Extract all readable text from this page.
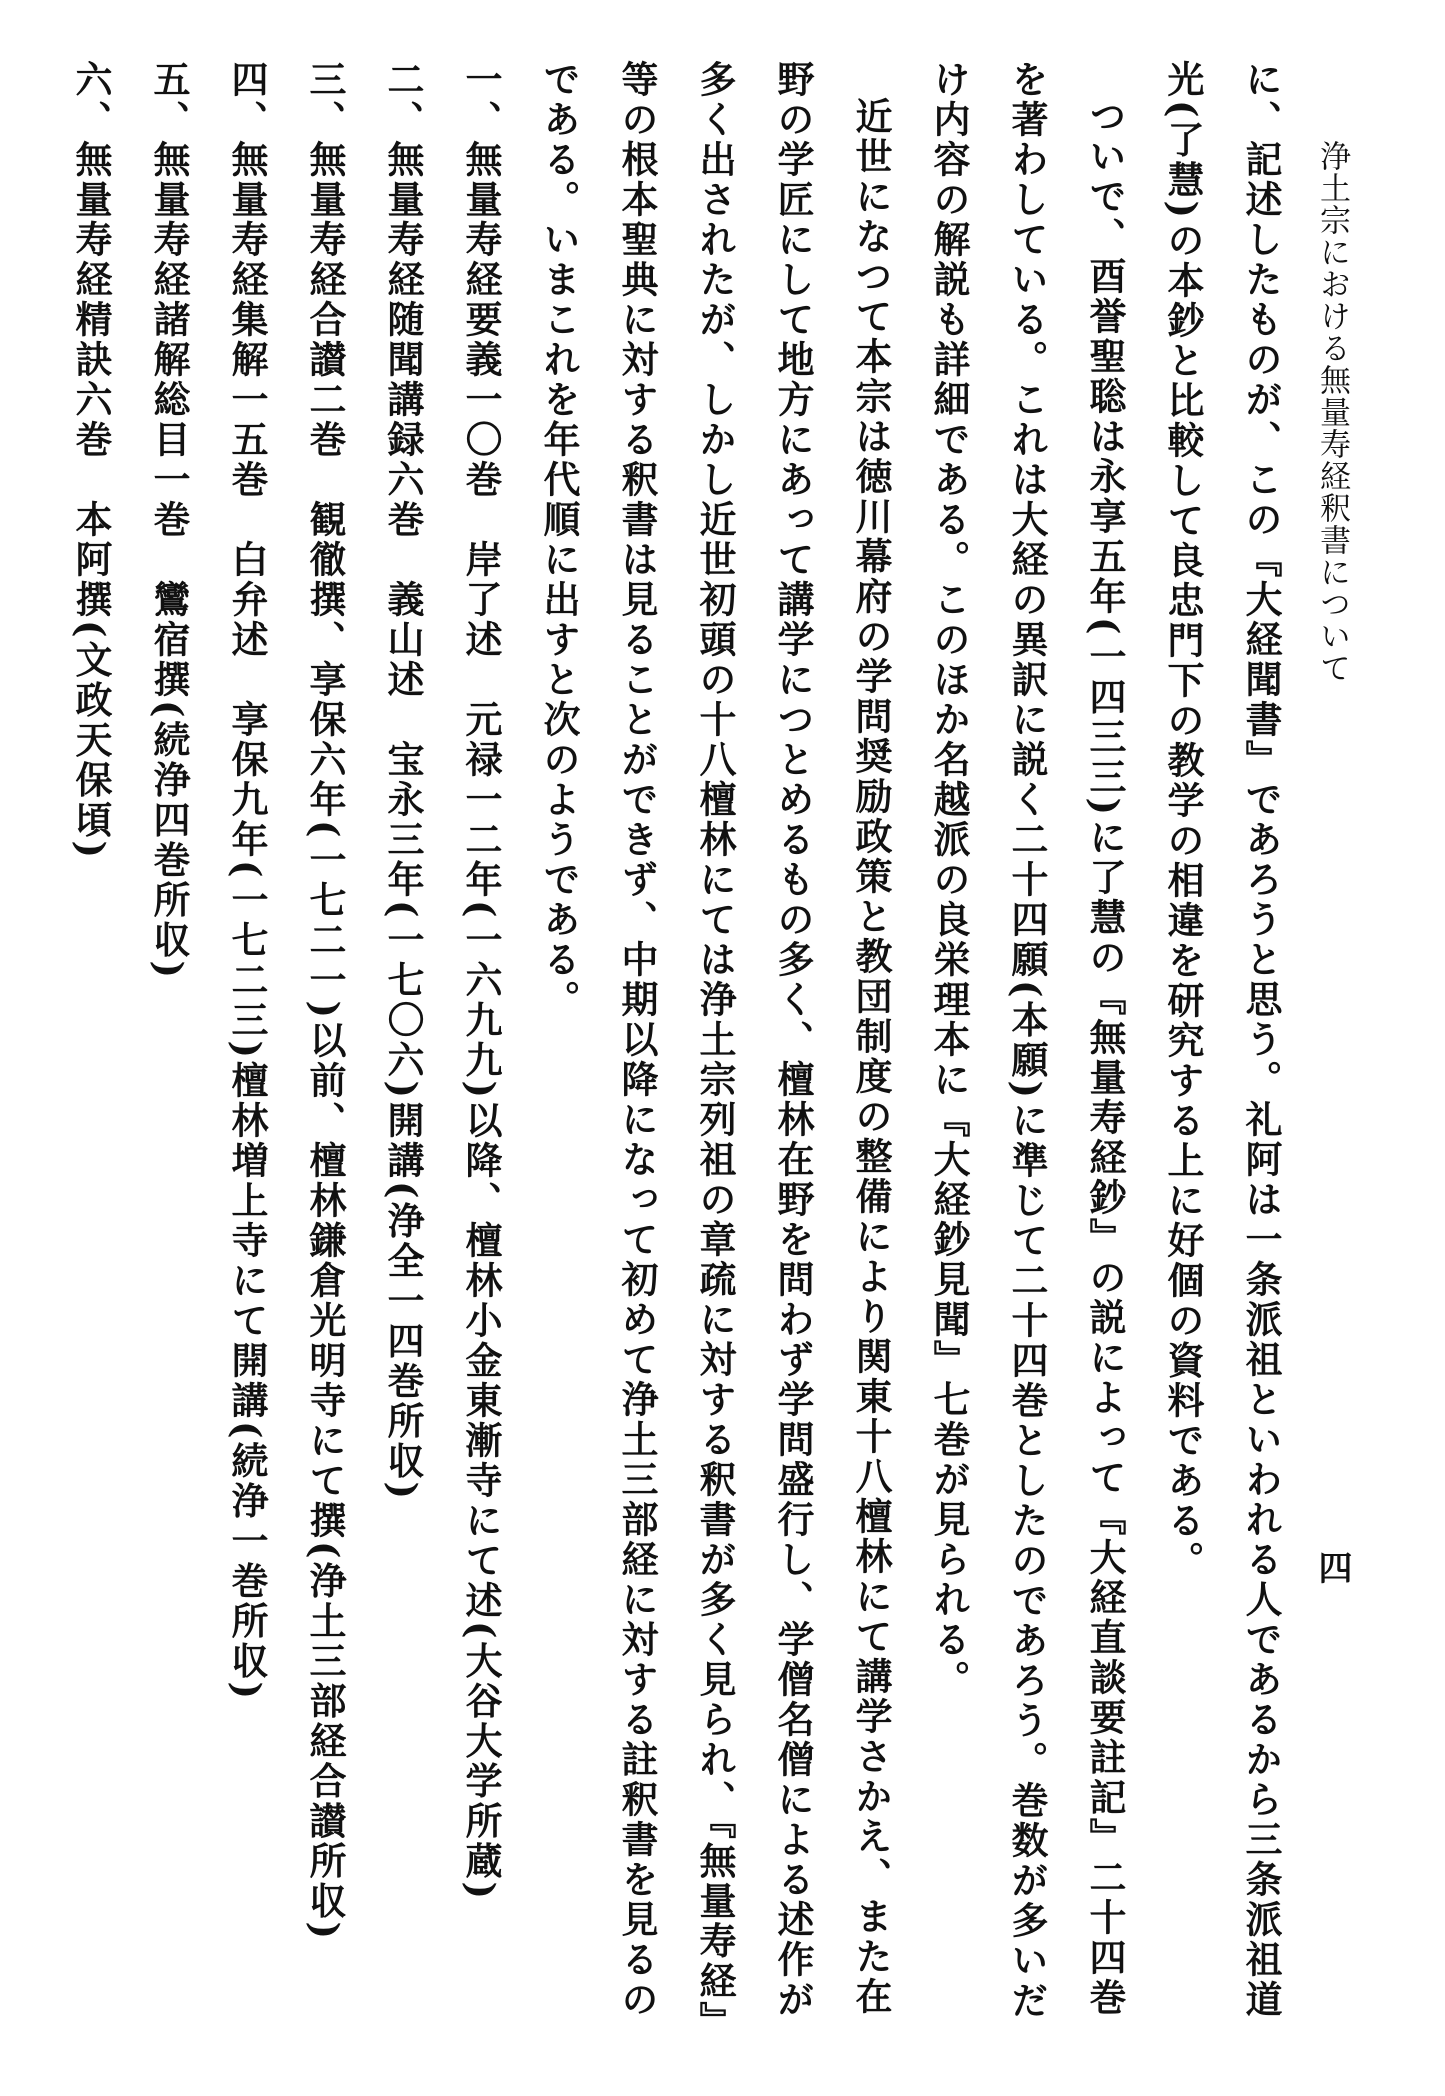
浄土宗における無量寿経釈書について
四

に、記述したものが、この『大経聞書』であろうと思う。礼阿は一条派祖といわれる人であるから三条派祖道光(了慧)の本鈔と比較して良忠門下の教学の相違を研究する上に好個の資料である。

ついで、酉誉聖聡は永享五年(一四三三)に了慧の『無量寿経鈔』の説によって『大経直談要註記』二十四巻を著わしている。これは大経の異訳に説く二十四願(本願)に準じて二十四巻としたのであろう。巻数が多いだけ内容の解説も詳細である。このほか名越派の良栄理本に『大経鈔見聞』七巻が見られる。

近世になつて本宗は徳川幕府の学問奨励政策と教団制度の整備により関東十八檀林にて講学さかえ、また在野の学匠にして地方にあって講学につとめるもの多く、檀林在野を問わず学問盛行し、学僧名僧による述作が多く出されたが、しかし近世初頭の十八檀林にては浄土宗列祖の章疏に対する釈書が多く見られ、『無量寿経』等の根本聖典に対する釈書は見ることができず、中期以降になって初めて浄土三部経に対する註釈書を見るのである。いまこれを年代順に出すと次のようである。

一、無量寿経要義一〇巻　岸了述　元禄一二年(一六九九)以降、檀林小金東漸寺にて述(大谷大学所蔵)

二、無量寿経随聞講録六巻　義山述　宝永三年(一七〇六)開講(浄全一四巻所収)

三、無量寿経合讃二巻　観徹撰、享保六年(一七二一)以前、檀林鎌倉光明寺にて撰(浄土三部経合讃所収)

四、無量寿経集解一五巻　白弁述　享保九年(一七二三)檀林増上寺にて開講(続浄一巻所収)

五、無量寿経諸解総目一巻　鸞宿撰(続浄四巻所収)

六、無量寿経精訣六巻　本阿撰(文政天保頃)
